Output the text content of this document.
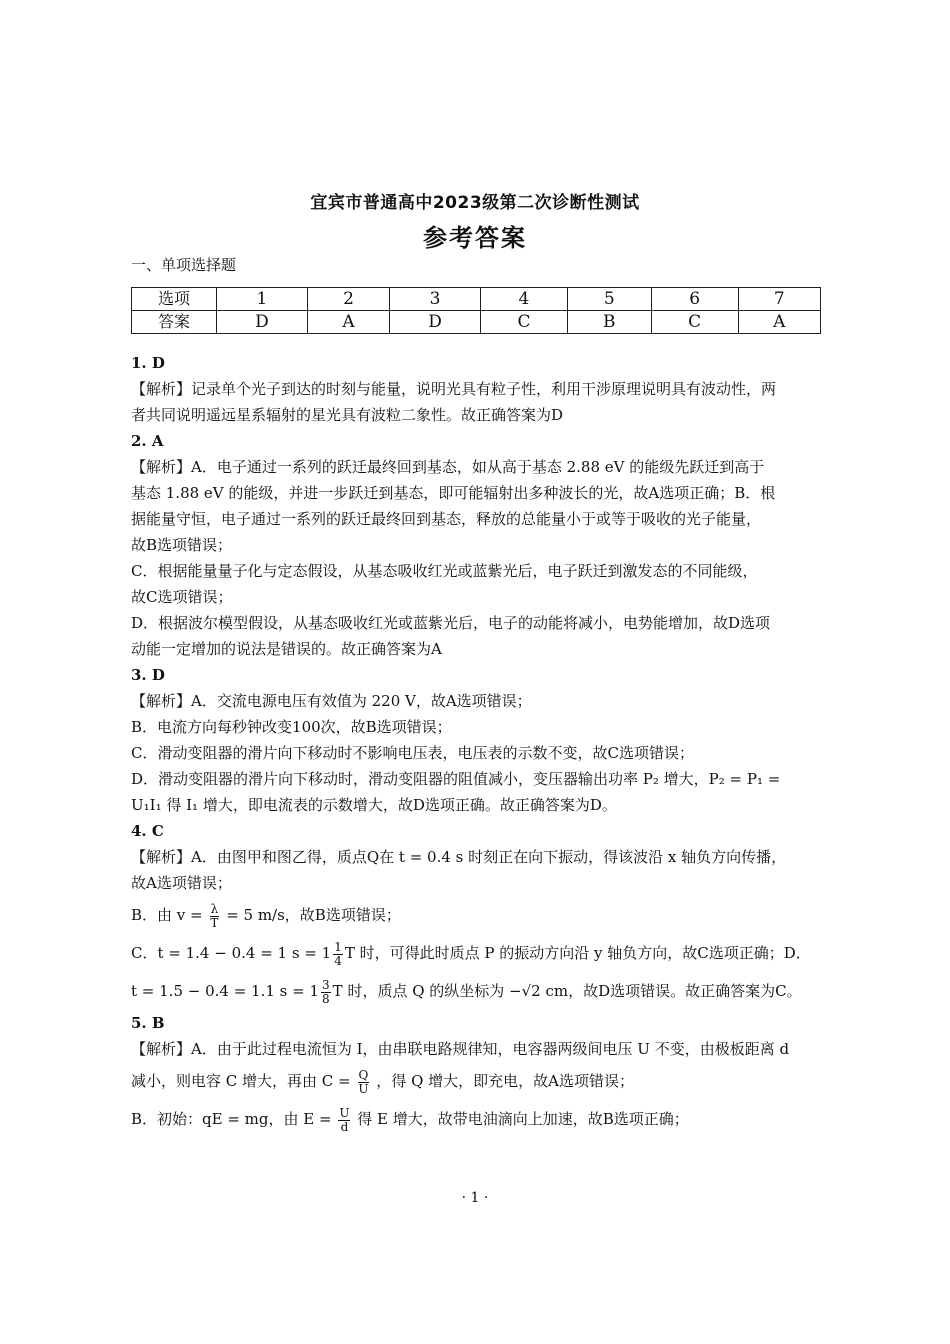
宜宾市普通高中2023级第二次诊断性测试
参考答案
一、单项选择题
选项	1	2	3	4	5	6	7
答案	D	A	D	C	B	C	A
1. D
【解析】记录单个光子到达的时刻与能量，说明光具有粒子性，利用干涉原理说明具有波动性，两
者共同说明遥远星系辐射的星光具有波粒二象性。故正确答案为D
2. A
【解析】A．电子通过一系列的跃迁最终回到基态，如从高于基态 2.88 eV 的能级先跃迁到高于
基态 1.88 eV 的能级，并进一步跃迁到基态，即可能辐射出多种波长的光，故A选项正确；B．根
据能量守恒，电子通过一系列的跃迁最终回到基态，释放的总能量小于或等于吸收的光子能量，
故B选项错误；
C．根据能量量子化与定态假设，从基态吸收红光或蓝紫光后，电子跃迁到激发态的不同能级，
故C选项错误；
D．根据波尔模型假设，从基态吸收红光或蓝紫光后，电子的动能将减小，电势能增加，故D选项
动能一定增加的说法是错误的。故正确答案为A
3. D
【解析】A．交流电源电压有效值为 220 V，故A选项错误；
B．电流方向每秒钟改变100次，故B选项错误；
C．滑动变阻器的滑片向下移动时不影响电压表，电压表的示数不变，故C选项错误；
D．滑动变阻器的滑片向下移动时，滑动变阻器的阻值减小，变压器输出功率 P₂ 增大，P₂ = P₁ =
U₁I₁ 得 I₁ 增大，即电流表的示数增大，故D选项正确。故正确答案为D。
4. C
【解析】A．由图甲和图乙得，质点Q在 t = 0.4 s 时刻正在向下振动，得该波沿 x 轴负方向传播，
故A选项错误；
B．由 $v = \frac{\lambda}{T} = 5$ m/s，故B选项错误；
C．t = 1.4 − 0.4 = 1 $s = 1 \frac{1}{4}$ T 时，可得此时质点 P 的振动方向沿 y 轴负方向，故C选项正确；D．
t = 1.5 − 0.4 = 1.1 $s = 1 \frac{3}{8}$ T 时，质点 Q 的纵坐标为 −√2 cm，故D选项错误。故正确答案为C。
5. B
【解析】A．由于此过程电流恒为 I，由串联电路规律知，电容器两级间电压 U 不变，由极板距离 d
减小，则电容 C 增大，再由 $C = \frac{Q}{U}$ ，得 Q 增大，即充电，故A选项错误；
B．初始：qE = mg，由 $E = \frac{U}{d}$ 得 E 增大，故带电油滴向上加速，故B选项正确；
· 1 ·
